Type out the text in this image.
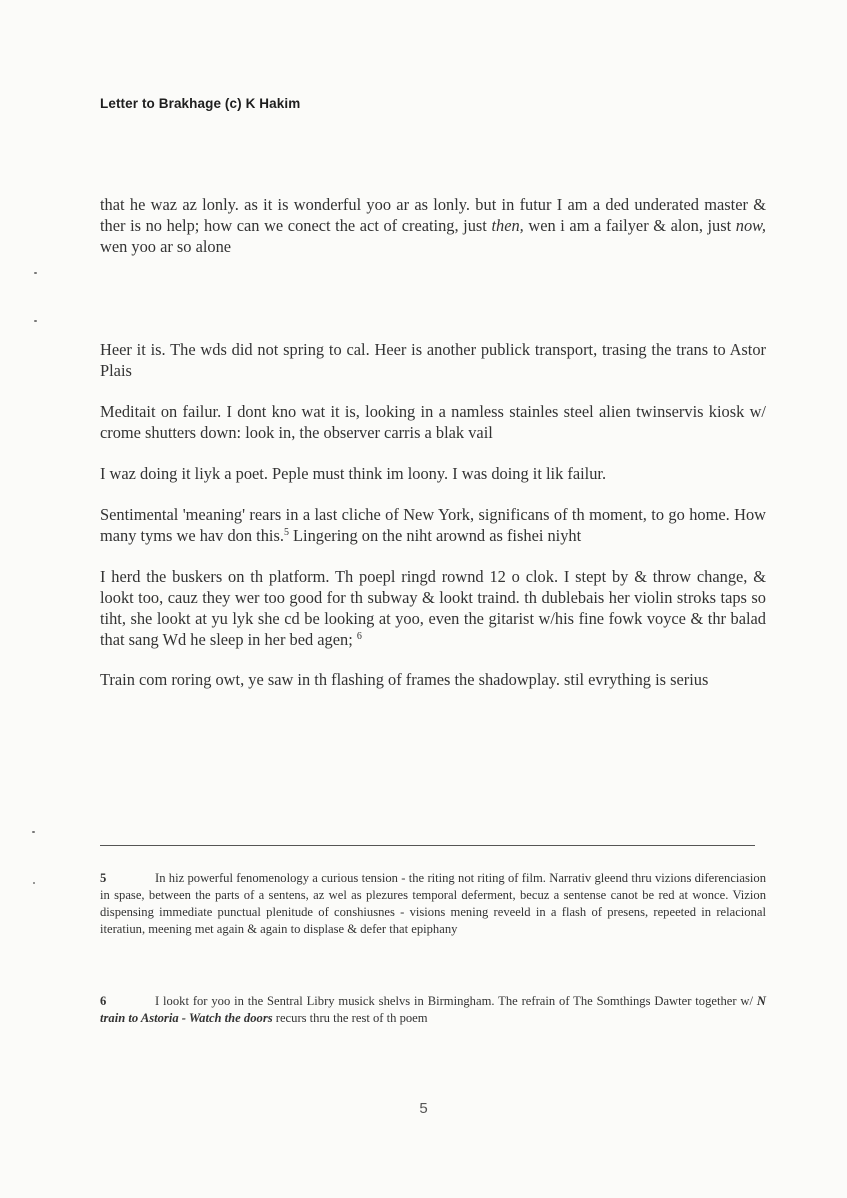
Letter to Brakhage (c) K Hakim

that he waz az lonly. as it is wonderful yoo ar as lonly. but in futur I am a ded underated master & ther is no help; how can we conect the act of creating, just then, wen i am a failyer & alon, just now, wen yoo ar so alone

Heer it is. The wds did not spring to cal. Heer is another publick transport, trasing the trans to Astor Plais

Meditait on failur. I dont kno wat it is, looking in a namless stainles steel alien twinservis kiosk w/ crome shutters down: look in, the observer carris a blak vail

I waz doing it liyk a poet. Peple must think im loony. I was doing it lik failur.

Sentimental 'meaning' rears in a last cliche of New York, significans of th moment, to go home. How many tyms we hav don this.$^5$ Lingering on the niht arownd as fishei niyht

I herd the buskers on th platform. Th poepl ringd rownd 12 o clok. I stept by & throw change, & lookt too, cauz they wer too good for th subway & lookt traind. th dublebais her violin stroks taps so tiht, she lookt at yu lyk she cd be looking at yoo, even the gitarist w/his fine fowk voyce & thr balad that sang Wd he sleep in her bed agen; $^6$

Train com roring owt, ye saw in th flashing of frames the shadowplay. stil evrything is serius

5	In hiz powerful fenomenology a curious tension - the riting not riting of film. Narrativ gleend thru vizions diferenciasion in spase, between the parts of a sentens, az wel as plezures temporal deferment, becuz a sentense canot be red at wonce. Vizion dispensing immediate punctual plenitude of conshiusnes - visions mening reveeld in a flash of presens, repeeted in relacional iteratiun, meening met again & again to displase & defer that epiphany

6	I lookt for yoo in the Sentral Libry musick shelvs in Birmingham. The refrain of The Somthings Dawter together w/ N train to Astoria - Watch the doors recurs thru the rest of th poem

5
